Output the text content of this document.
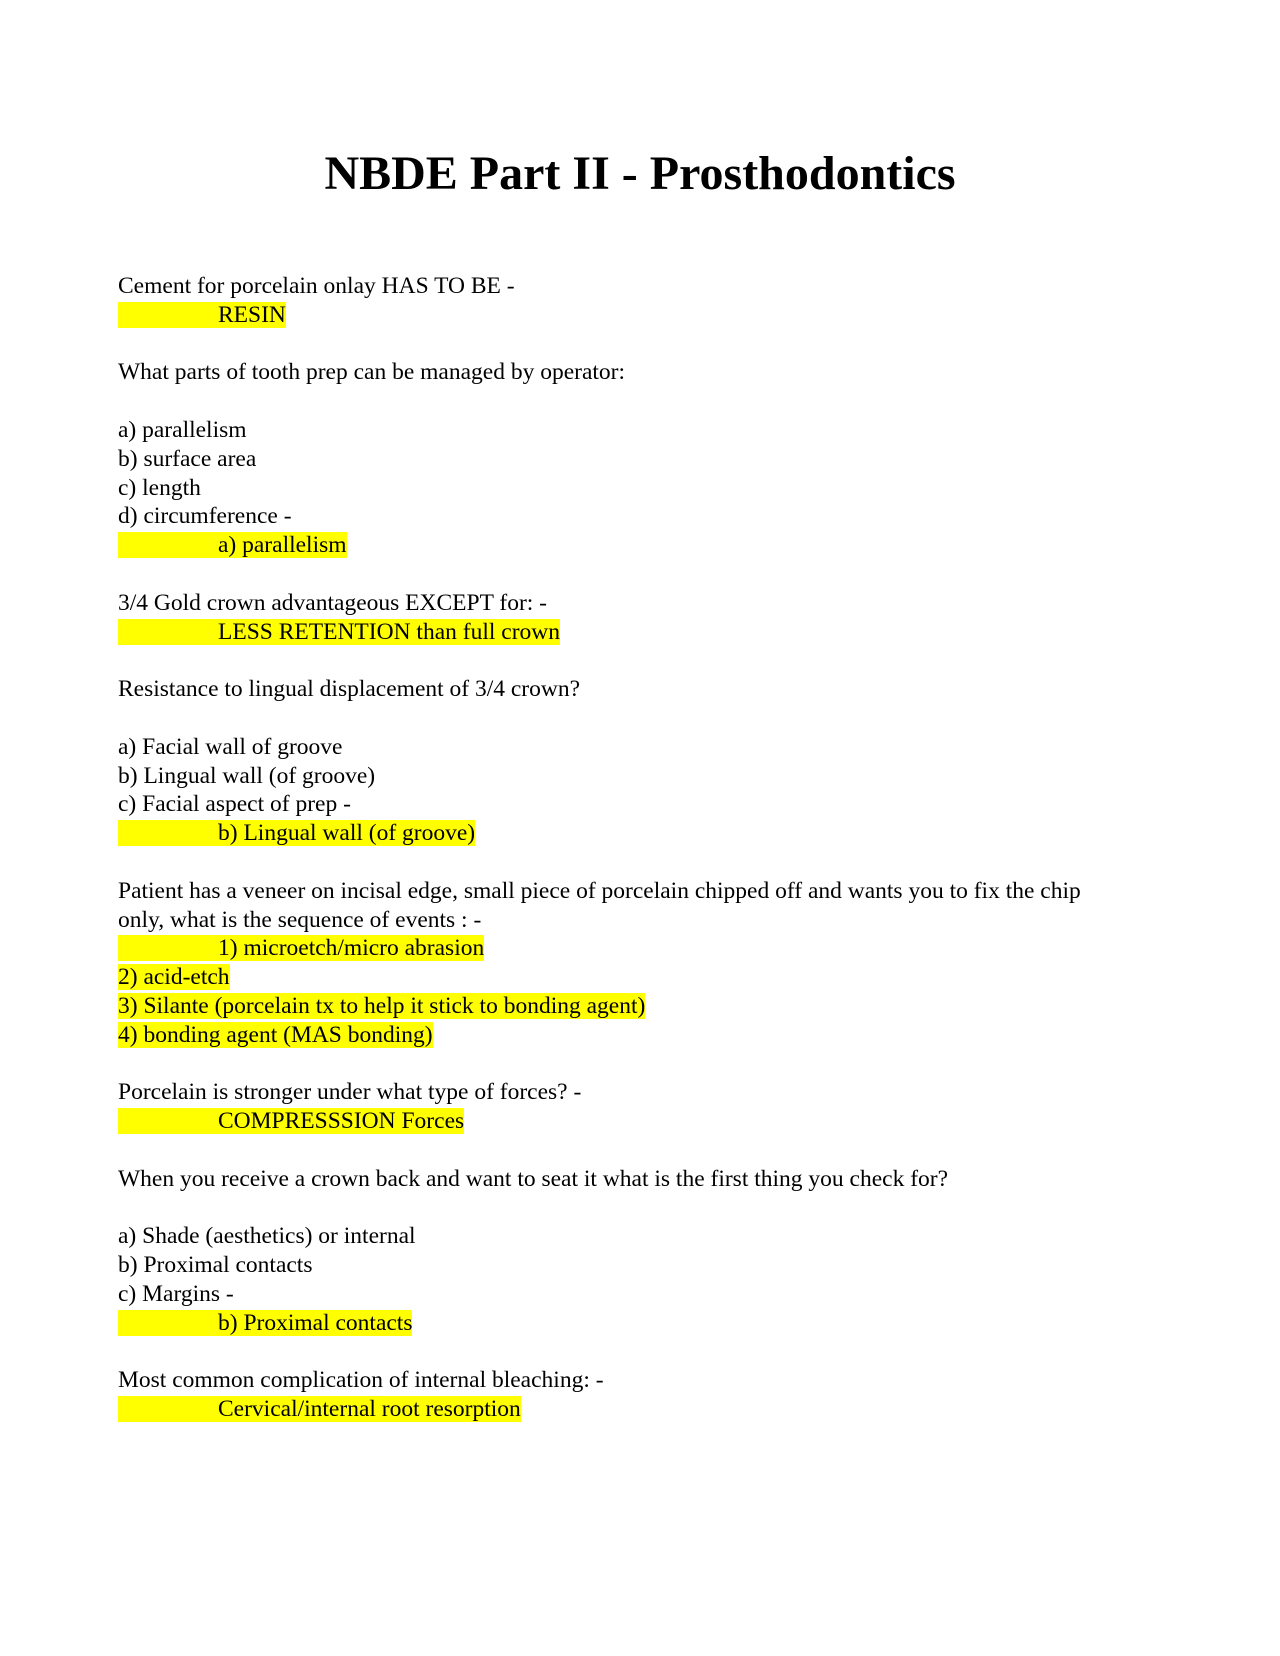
NBDE Part II - Prosthodontics
Cement for porcelain onlay HAS TO BE -
RESIN
What parts of tooth prep can be managed by operator:
a) parallelism
b) surface area
c) length
d) circumference -
a) parallelism
3/4 Gold crown advantageous EXCEPT for: -
LESS RETENTION than full crown
Resistance to lingual displacement of 3/4 crown?
a) Facial wall of groove
b) Lingual wall (of groove)
c) Facial aspect of prep -
b) Lingual wall (of groove)
Patient has a veneer on incisal edge, small piece of porcelain chipped off and wants you to fix the chip
only, what is the sequence of events : -
1) microetch/micro abrasion
2) acid-etch
3) Silante (porcelain tx to help it stick to bonding agent)
4) bonding agent (MAS bonding)
Porcelain is stronger under what type of forces? -
COMPRESSSION Forces
When you receive a crown back and want to seat it what is the first thing you check for?
a) Shade (aesthetics) or internal
b) Proximal contacts
c) Margins -
b) Proximal contacts
Most common complication of internal bleaching: -
Cervical/internal root resorption
